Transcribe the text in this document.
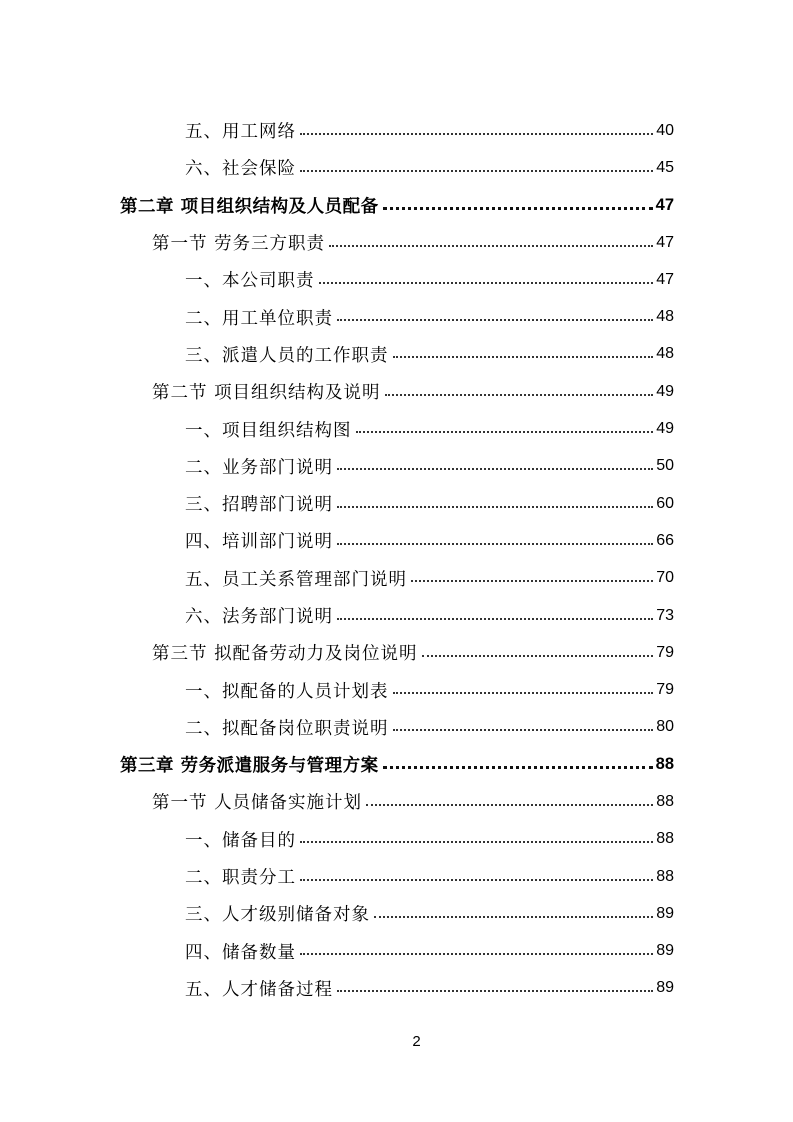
五、用工网络	40
六、社会保险	45
第二章 项目组织结构及人员配备	47
第一节 劳务三方职责	47
一、本公司职责	47
二、用工单位职责	48
三、派遣人员的工作职责	48
第二节 项目组织结构及说明	49
一、项目组织结构图	49
二、业务部门说明	50
三、招聘部门说明	60
四、培训部门说明	66
五、员工关系管理部门说明	70
六、法务部门说明	73
第三节 拟配备劳动力及岗位说明	79
一、拟配备的人员计划表	79
二、拟配备岗位职责说明	80
第三章 劳务派遣服务与管理方案	88
第一节 人员储备实施计划	88
一、储备目的	88
二、职责分工	88
三、人才级别储备对象	89
四、储备数量	89
五、人才储备过程	89
2
